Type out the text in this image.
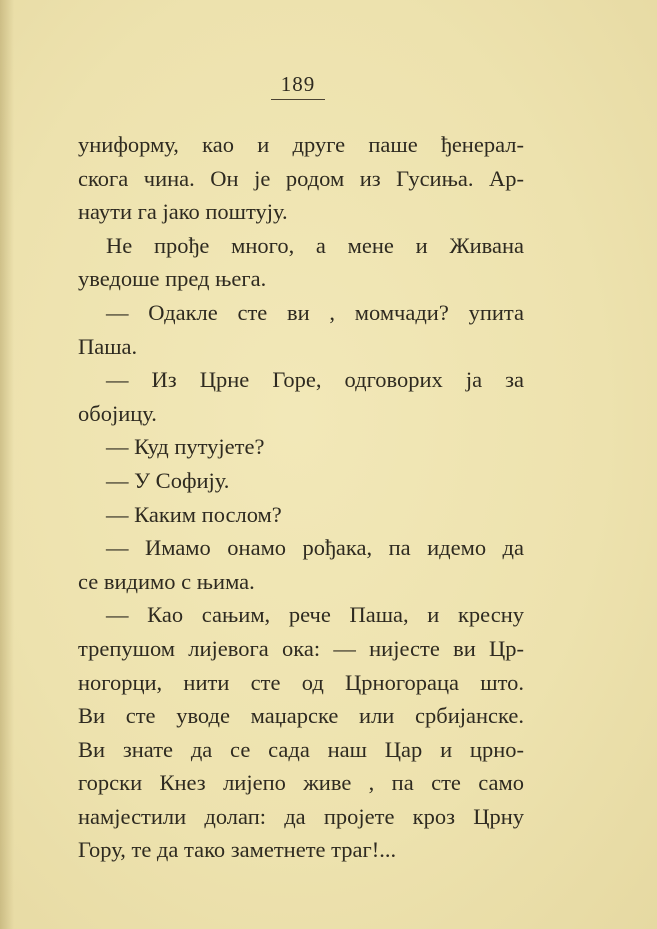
189
униформу, као и друге паше ђенерал-
скога чина. Он је родом из Гусиња. Ар-
наути га јако поштују.
Не прође много, а мене и Живана
уведоше пред њега.
— Одакле сте ви , момчади? упита
Паша.
— Из Црне Горе, одговорих ја за
обојицу.
— Куд путујете?
— У Софију.
— Каким послом?
— Имамо онамо рођака, па идемо да
се видимо с њима.
— Као сањим, рече Паша, и кресну
трепушом лијевога ока: — нијесте ви Цр-
ногорци, нити сте од Црногораца што.
Ви сте уводе маџарске или србијанске.
Ви знате да се сада наш Цар и црно-
горски Кнез лијепо живе , па сте само
намјестили долап: да пројете кроз Црну
Гору, те да тако заметнете траг!...
